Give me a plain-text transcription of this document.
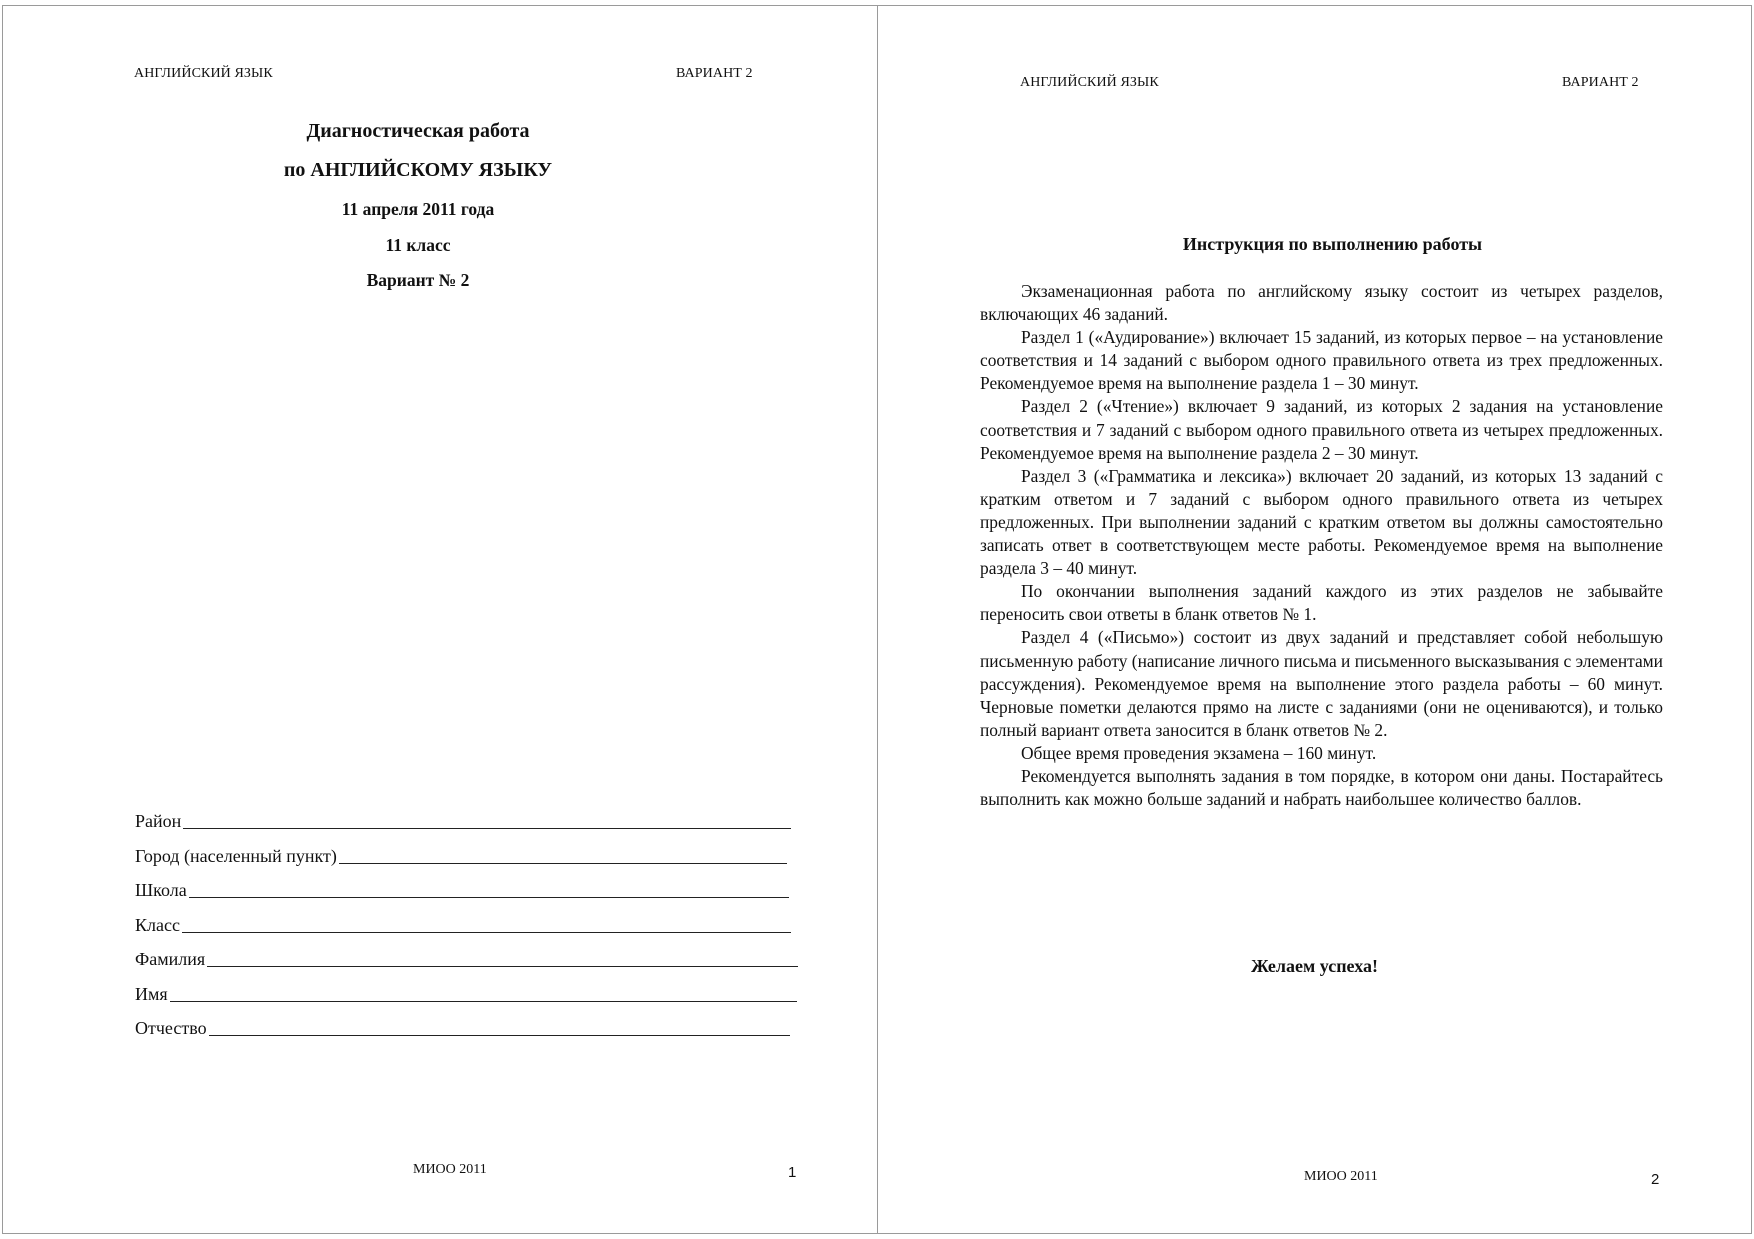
АНГЛИЙСКИЙ ЯЗЫК	ВАРИАНТ 2
Диагностическая работа
по АНГЛИЙСКОМУ ЯЗЫКУ
11 апреля 2011 года
11 класс
Вариант № 2
Район
Город (населенный пункт)
Школа
Класс
Фамилия
Имя
Отчество
МИОО 2011	1
АНГЛИЙСКИЙ ЯЗЫК	ВАРИАНТ 2
Инструкция по выполнению работы

Экзаменационная работа по английскому языку состоит из четырех разделов, включающих 46 заданий.

Раздел 1 («Аудирование») включает 15 заданий, из которых первое – на установление соответствия и 14 заданий с выбором одного правильного ответа из трех предложенных. Рекомендуемое время на выполнение раздела 1 – 30 минут.

Раздел 2 («Чтение») включает 9 заданий, из которых 2 задания на установление соответствия и 7 заданий с выбором одного правильного ответа из четырех предложенных. Рекомендуемое время на выполнение раздела 2 – 30 минут.

Раздел 3 («Грамматика и лексика») включает 20 заданий, из которых 13 заданий с кратким ответом и 7 заданий с выбором одного правильного ответа из четырех предложенных. При выполнении заданий с кратким ответом вы должны самостоятельно записать ответ в соответствующем месте работы. Рекомендуемое время на выполнение раздела 3 – 40 минут.

По окончании выполнения заданий каждого из этих разделов не забывайте переносить свои ответы в бланк ответов № 1.

Раздел 4 («Письмо») состоит из двух заданий и представляет собой небольшую письменную работу (написание личного письма и письменного высказывания с элементами рассуждения). Рекомендуемое время на выполнение этого раздела работы – 60 минут. Черновые пометки делаются прямо на листе с заданиями (они не оцениваются), и только полный вариант ответа заносится в бланк ответов № 2.

Общее время проведения экзамена – 160 минут.

Рекомендуется выполнять задания в том порядке, в котором они даны. Постарайтесь выполнить как можно больше заданий и набрать наибольшее количество баллов.

Желаем успеха!
МИОО 2011	2
